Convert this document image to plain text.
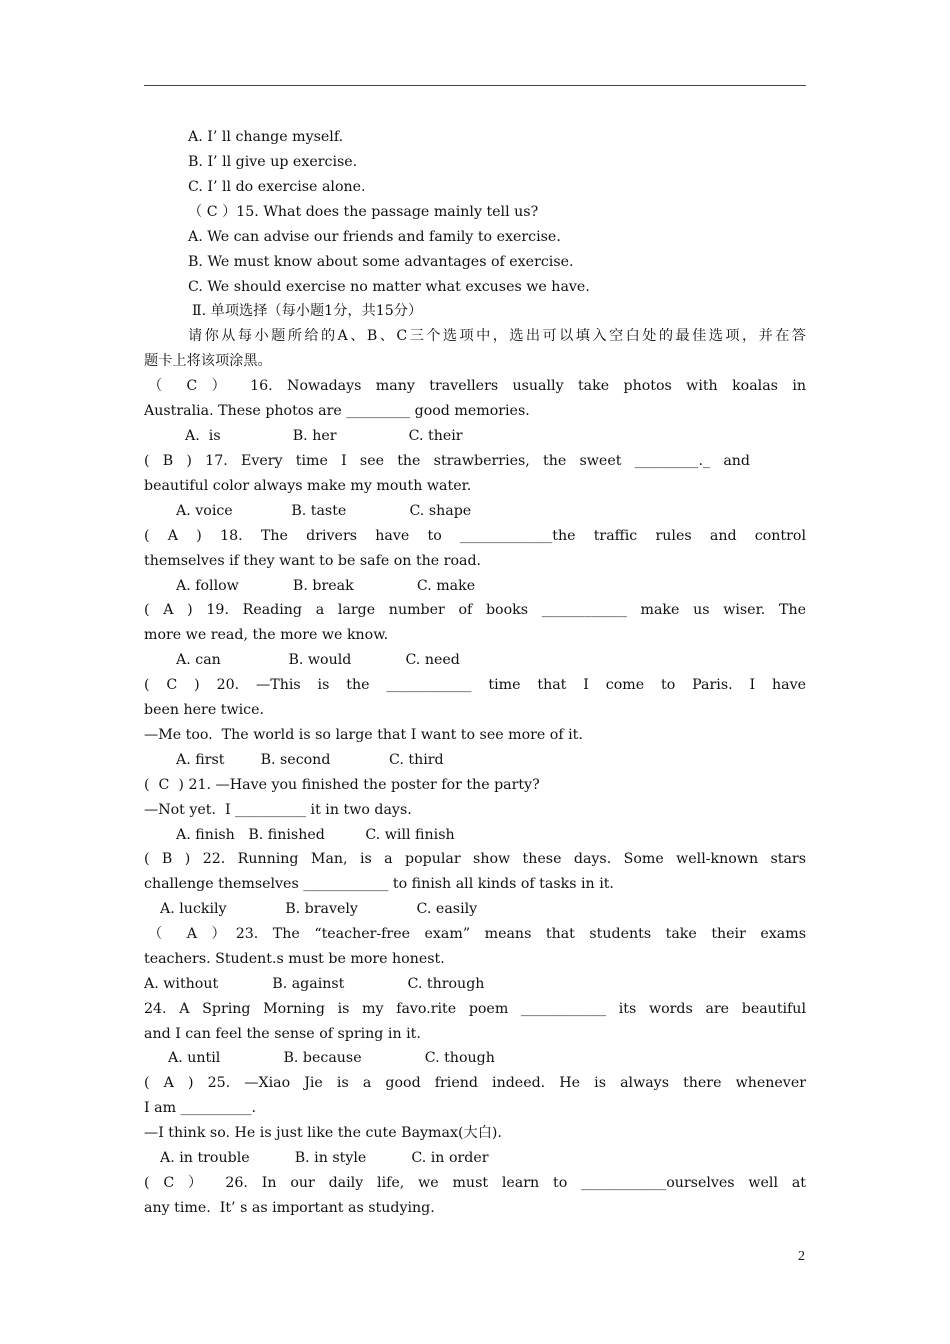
A. I’ ll change myself.
B. I’ ll give up exercise.
C. I’ ll do exercise alone.
（ C ）15. What does the passage mainly tell us?
A. We can advise our friends and family to exercise.
B. We must know about some advantages of exercise.
C. We should exercise no matter what excuses we have.
Ⅱ. 单项选择（每小题1分，共15分）
请你从每小题所给的A、B、C三个选项中，选出可以填入空白处的最佳选项，并在答
题卡上将该项涂黑。
（ C ） 16. Nowadays many travellers usually take photos with koalas in
Australia. These photos are _________ good memories.
A.  is                B. her                C. their
( B ) 17. Every time I see the strawberries, the sweet _________._ and
beautiful color always make my mouth water.
A. voice             B. taste              C. shape
( A ) 18. The drivers have to _____________the traffic rules and control
themselves if they want to be safe on the road.
A. follow            B. break              C. make
( A ) 19. Reading a large number of books ____________ make us wiser. The
more we read, the more we know.
A. can               B. would            C. need
( C ) 20. —This is the ____________ time that I come to Paris. I have
been here twice.
—Me too.  The world is so large that I want to see more of it.
A. first        B. second             C. third
(  C  ) 21. —Have you finished the poster for the party?
—Not yet.  I __________ it in two days.
A. finish   B. finished         C. will finish
( B ) 22. Running Man, is a popular show these days. Some well-known stars
challenge themselves ____________ to finish all kinds of tasks in it.
A. luckily             B. bravely             C. easily
（ A ）23. The “teacher-free exam” means that students take their exams
teachers. Student.s must be more honest.
A. without            B. against              C. through
24. A Spring Morning is my favo.rite poem ____________ its words are beautiful
and I can feel the sense of spring in it.
A. until              B. because              C. though
( A ) 25. —Xiao Jie is a good friend indeed. He is always there whenever
I am __________.
—I think so. He is just like the cute Baymax(大白).
A. in trouble          B. in style          C. in order
( C ） 26. In our daily life, we must learn to ____________ourselves well at
any time.  It’ s as important as studying.
2
